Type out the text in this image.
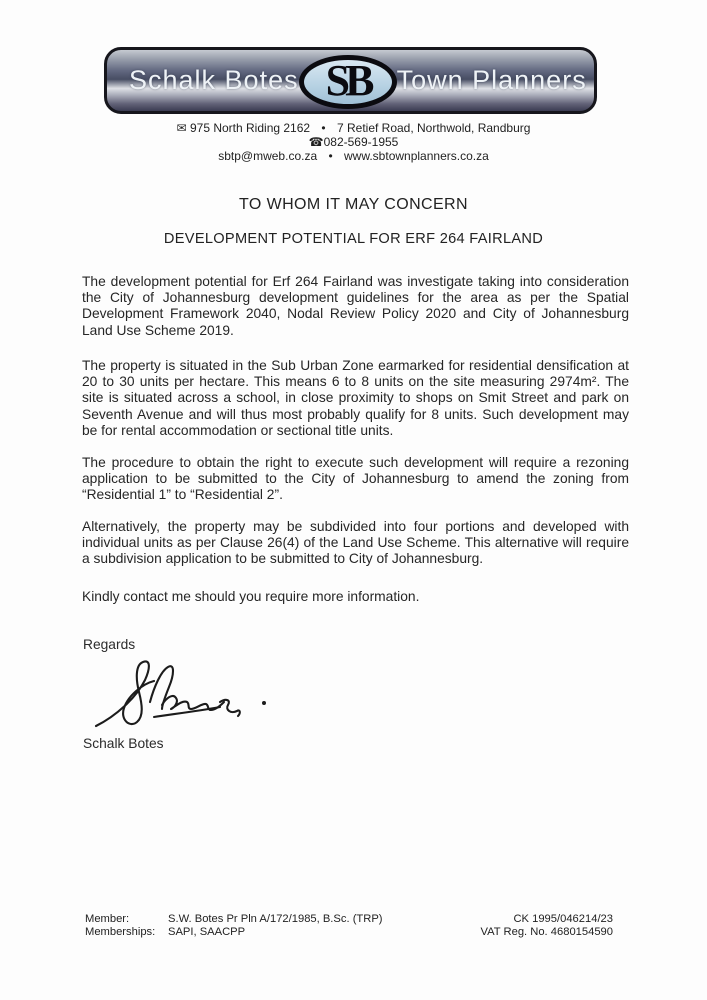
Schalk Botes SB Town Planners
✉ 975 North Riding 2162 • 7 Retief Road, Northwold, Randburg
☎082-569-1955
sbtp@mweb.co.za • www.sbtownplanners.co.za
TO WHOM IT MAY CONCERN
DEVELOPMENT POTENTIAL FOR ERF 264 FAIRLAND

The development potential for Erf 264 Fairland was investigate taking into consideration the City of Johannesburg development guidelines for the area as per the Spatial Development Framework 2040, Nodal Review Policy 2020 and City of Johannesburg Land Use Scheme 2019.

The property is situated in the Sub Urban Zone earmarked for residential densification at 20 to 30 units per hectare. This means 6 to 8 units on the site measuring 2974m². The site is situated across a school, in close proximity to shops on Smit Street and park on Seventh Avenue and will thus most probably qualify for 8 units. Such development may be for rental accommodation or sectional title units.

The procedure to obtain the right to execute such development will require a rezoning application to be submitted to the City of Johannesburg to amend the zoning from “Residential 1” to “Residential 2”.

Alternatively, the property may be subdivided into four portions and developed with individual units as per Clause 26(4) of the Land Use Scheme. This alternative will require a subdivision application to be submitted to City of Johannesburg.

Kindly contact me should you require more information.

Regards
Schalk Botes
Member:	S.W. Botes Pr Pln A/172/1985, B.Sc. (TRP)
Memberships:	SAPI, SAACPP
CK 1995/046214/23
VAT Reg. No. 4680154590
